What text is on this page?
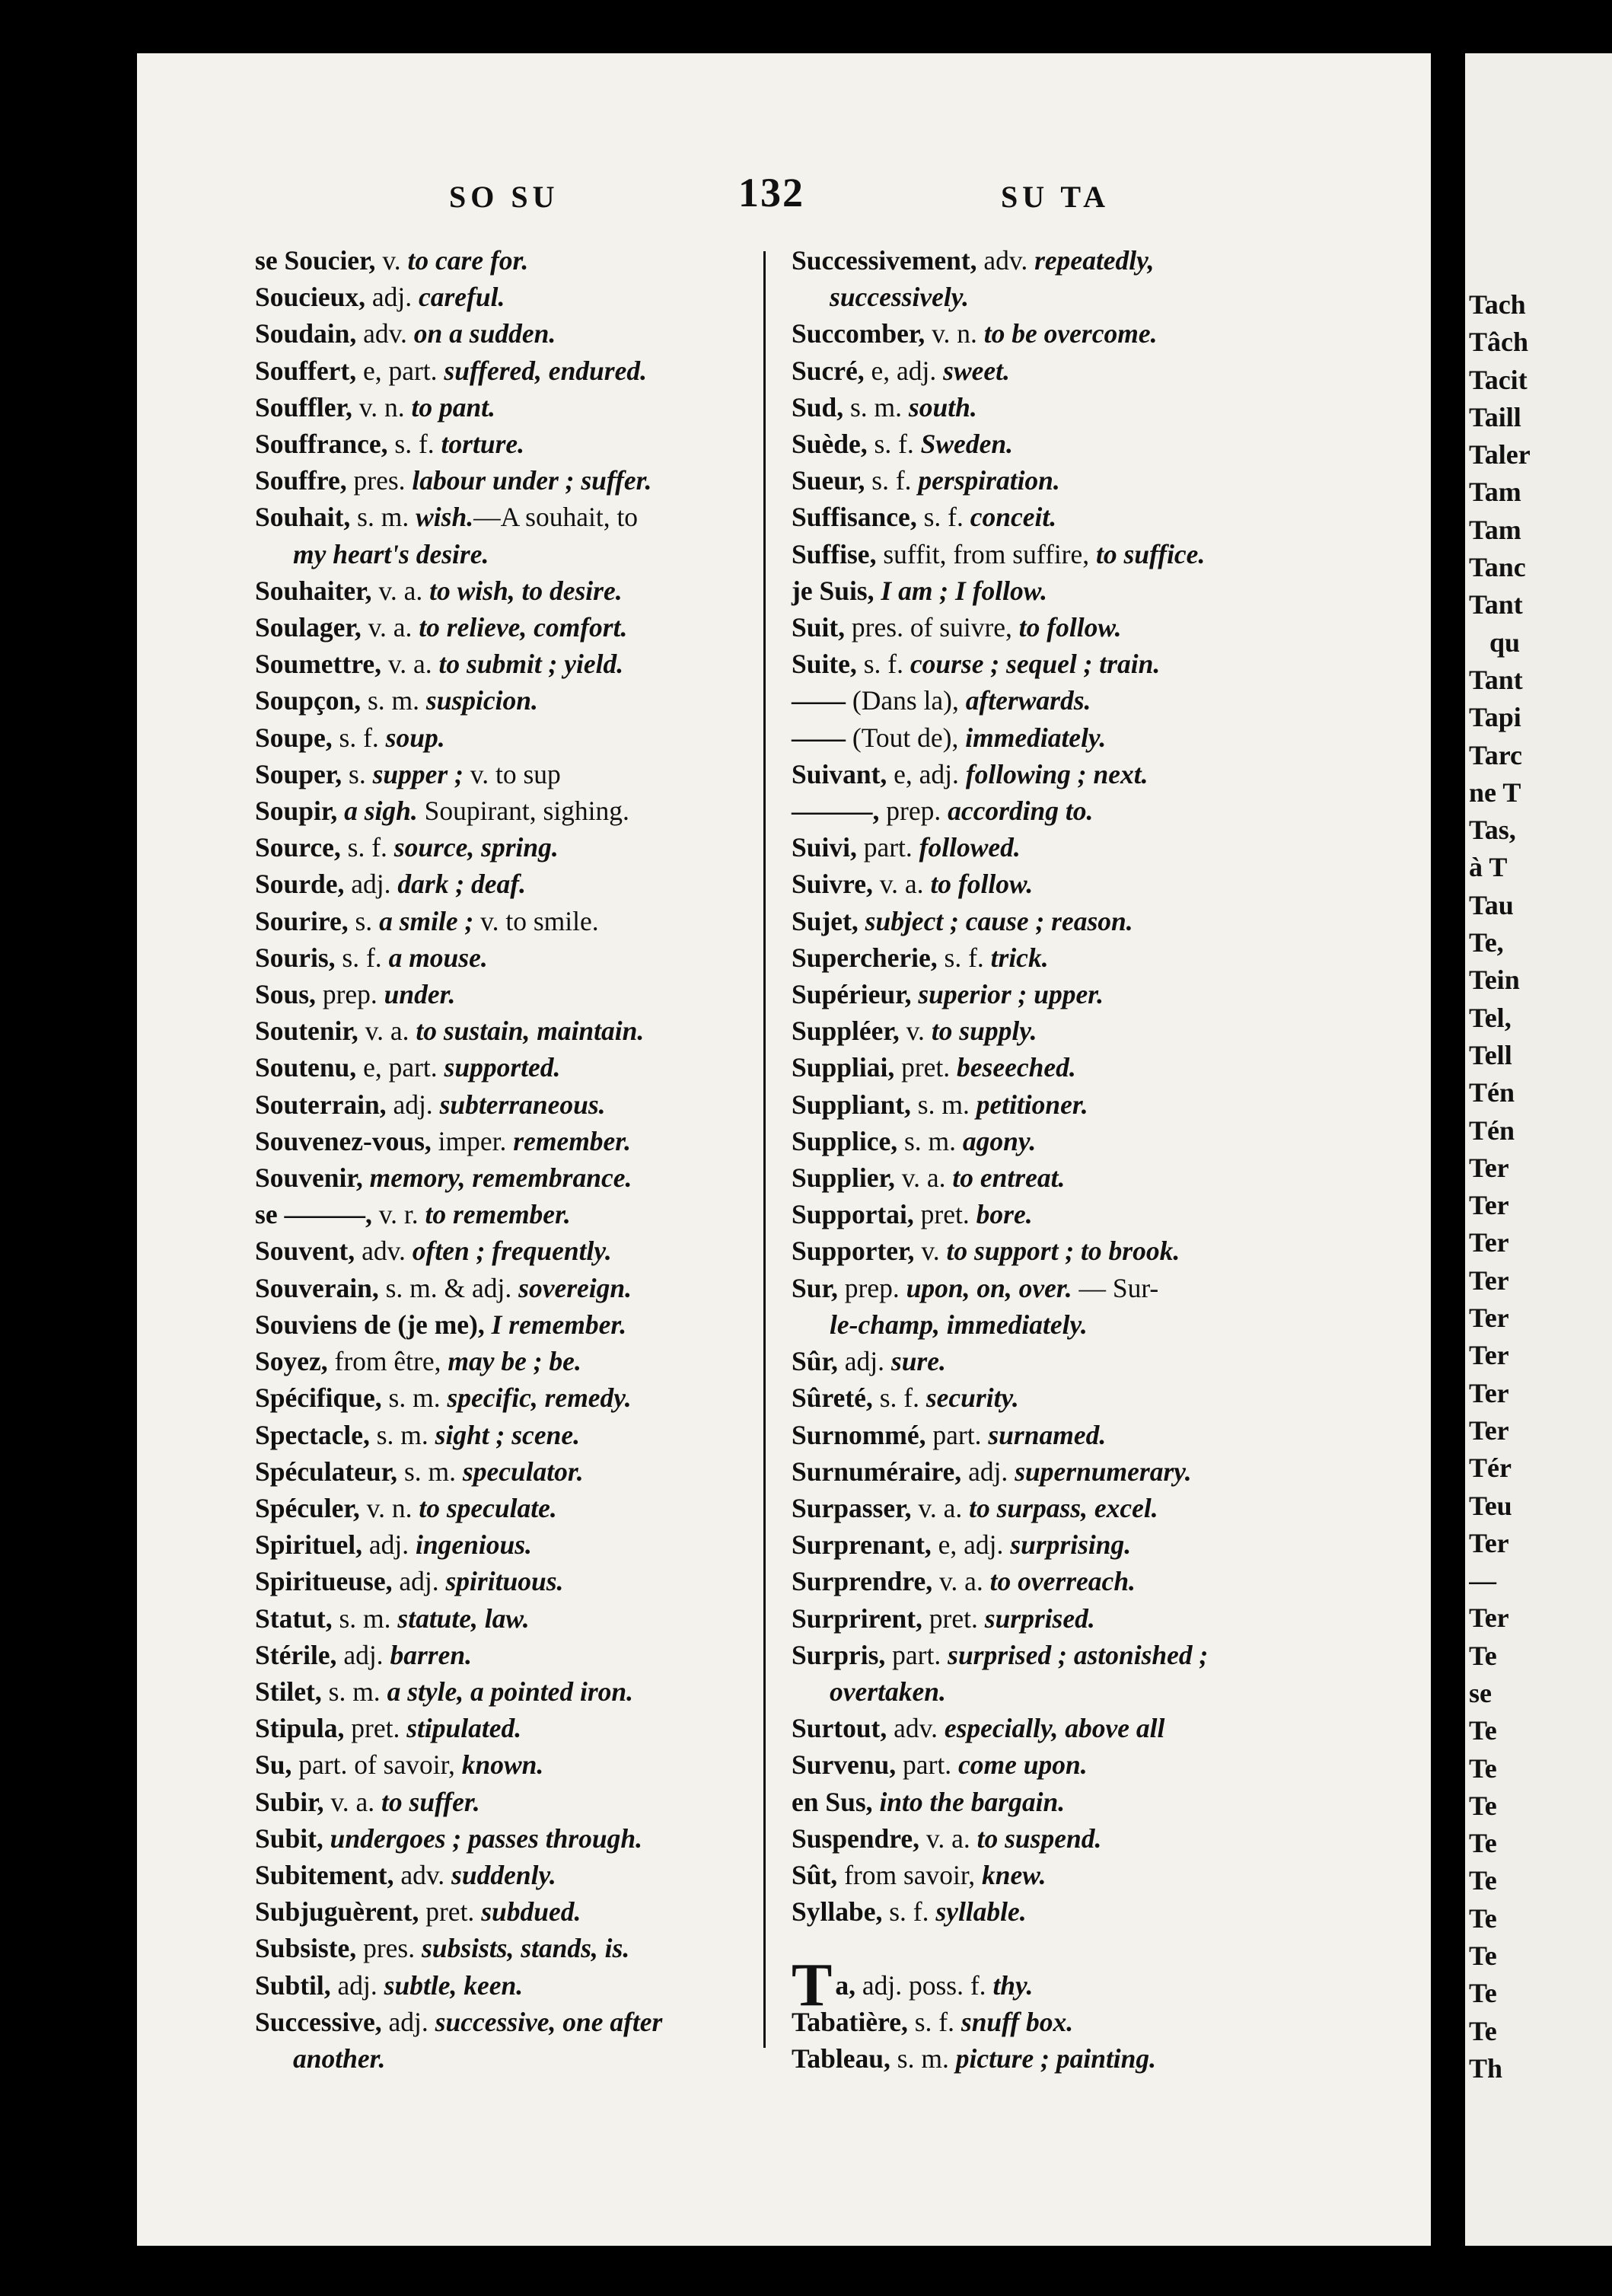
SO SU	132	SU TA
se Soucier, v. to care for.
Soucieux, adj. careful.
Soudain, adv. on a sudden.
Souffert, e, part. suffered, endured.
Souffler, v. n. to pant.
Souffrance, s. f. torture.
Souffre, pres. labour under ; suffer.
Souhait, s. m. wish.—A souhait, to
my heart's desire.
Souhaiter, v. a. to wish, to desire.
Soulager, v. a. to relieve, comfort.
Soumettre, v. a. to submit ; yield.
Soupçon, s. m. suspicion.
Soupe, s. f. soup.
Souper, s. supper ; v. to sup
Soupir, a sigh. Soupirant, sighing.
Source, s. f. source, spring.
Sourde, adj. dark ; deaf.
Sourire, s. a smile ; v. to smile.
Souris, s. f. a mouse.
Sous, prep. under.
Soutenir, v. a. to sustain, maintain.
Soutenu, e, part. supported.
Souterrain, adj. subterraneous.
Souvenez-vous, imper. remember.
Souvenir, memory, remembrance.
se ———, v. r. to remember.
Souvent, adv. often ; frequently.
Souverain, s. m. & adj. sovereign.
Souviens de (je me), I remember.
Soyez, from être, may be ; be.
Spécifique, s. m. specific, remedy.
Spectacle, s. m. sight ; scene.
Spéculateur, s. m. speculator.
Spéculer, v. n. to speculate.
Spirituel, adj. ingenious.
Spiritueuse, adj. spirituous.
Statut, s. m. statute, law.
Stérile, adj. barren.
Stilet, s. m. a style, a pointed iron.
Stipula, pret. stipulated.
Su, part. of savoir, known.
Subir, v. a. to suffer.
Subit, undergoes ; passes through.
Subitement, adv. suddenly.
Subjuguèrent, pret. subdued.
Subsiste, pres. subsists, stands, is.
Subtil, adj. subtle, keen.
Successive, adj. successive, one after
another.
Successivement, adv. repeatedly,
successively.
Succomber, v. n. to be overcome.
Sucré, e, adj. sweet.
Sud, s. m. south.
Suède, s. f. Sweden.
Sueur, s. f. perspiration.
Suffisance, s. f. conceit.
Suffise, suffit, from suffire, to suffice.
je Suis, I am ; I follow.
Suit, pres. of suivre, to follow.
Suite, s. f. course ; sequel ; train.
—— (Dans la), afterwards.
—— (Tout de), immediately.
Suivant, e, adj. following ; next.
———, prep. according to.
Suivi, part. followed.
Suivre, v. a. to follow.
Sujet, subject ; cause ; reason.
Supercherie, s. f. trick.
Supérieur, superior ; upper.
Suppléer, v. to supply.
Suppliai, pret. beseeched.
Suppliant, s. m. petitioner.
Supplice, s. m. agony.
Supplier, v. a. to entreat.
Supportai, pret. bore.
Supporter, v. to support ; to brook.
Sur, prep. upon, on, over. — Sur-
le-champ, immediately.
Sûr, adj. sure.
Sûreté, s. f. security.
Surnommé, part. surnamed.
Surnuméraire, adj. supernumerary.
Surpasser, v. a. to surpass, excel.
Surprenant, e, adj. surprising.
Surprendre, v. a. to overreach.
Surprirent, pret. surprised.
Surpris, part. surprised ; astonished ;
overtaken.
Surtout, adv. especially, above all
Survenu, part. come upon.
en Sus, into the bargain.
Suspendre, v. a. to suspend.
Sût, from savoir, knew.
Syllabe, s. f. syllable.

Ta, adj. poss. f. thy.
Tabatière, s. f. snuff box.
Tableau, s. m. picture ; painting.
Tach
Tâch
Tacit
Taill
Taler
Tam
Tam
Tanc
Tant
qu
Tant
Tapi
Tarc
ne T
Tas,
à T
Tau
Te,
Tein
Tel,
Tell
Tén
Tén
Ter
Ter
Ter
Ter
Ter
Ter
Ter
Ter
Tér
Teu
Ter
—
Ter
Te
se
Te
Te
Te
Te
Te
Te
Te
Te
Te
Th
